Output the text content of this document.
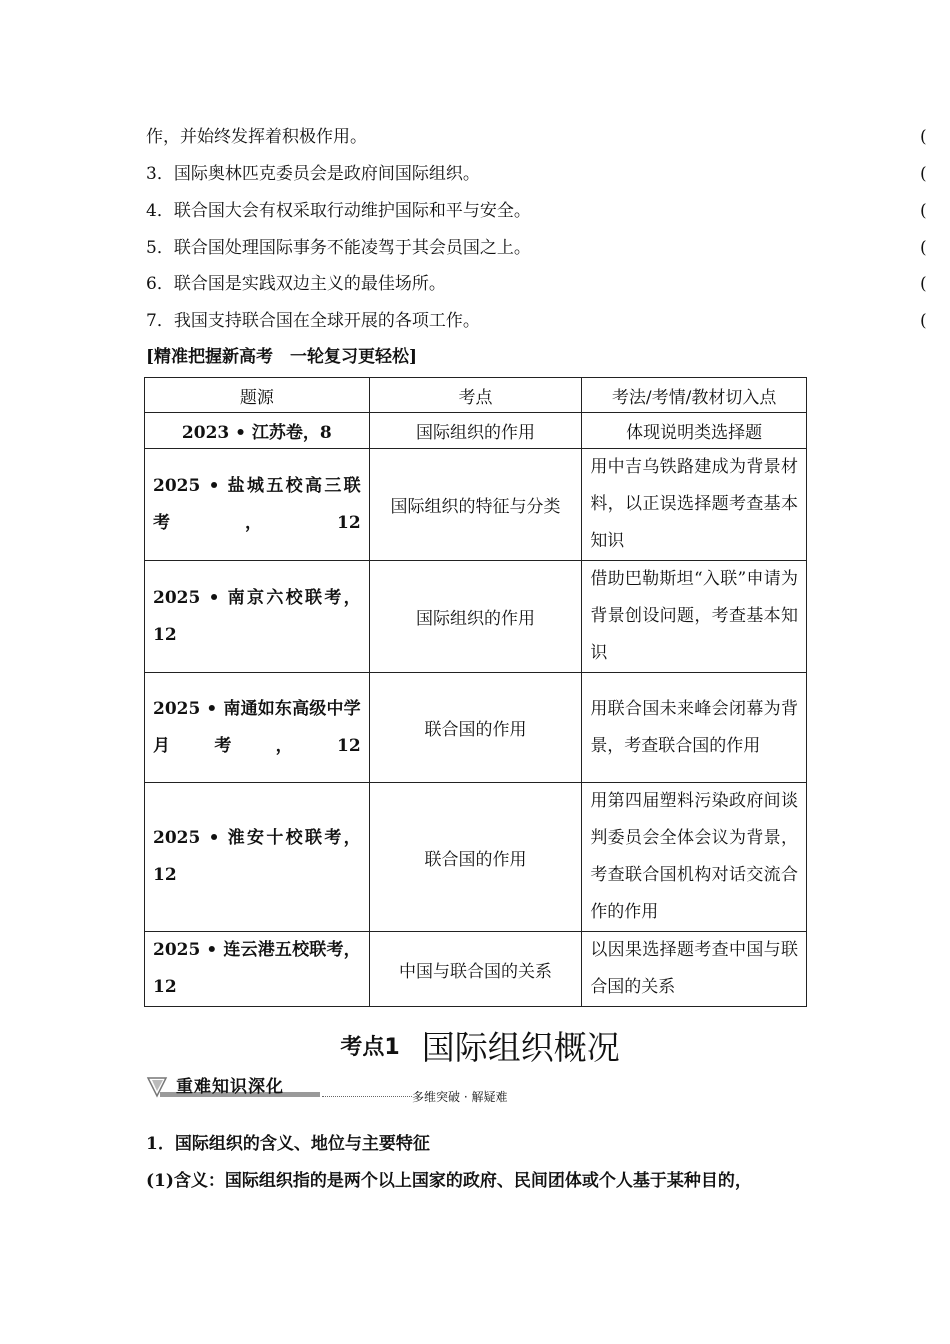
作，并始终发挥着积极作用。	(
3．国际奥林匹克委员会是政府间国际组织。	(
4．联合国大会有权采取行动维护国际和平与安全。	(
5．联合国处理国际事务不能凌驾于其会员国之上。	(
6．联合国是实践双边主义的最佳场所。	(
7．我国支持联合国在全球开展的各项工作。	(
[精准把握新高考　一轮复习更轻松]
题源	考点	考法/考情/教材切入点
2023 • 江苏卷，8	国际组织的作用	体现说明类选择题
2025 • 盐城五校高三联考，12	国际组织的特征与分类	用中吉乌铁路建成为背景材料，以正误选择题考查基本知识
2025 • 南京六校联考，12	国际组织的作用	借助巴勒斯坦“入联”申请为背景创设问题，考查基本知识
2025 • 南通如东高级中学月考，12	联合国的作用	用联合国未来峰会闭幕为背景，考查联合国的作用
2025 • 淮安十校联考，12	联合国的作用	用第四届塑料污染政府间谈判委员会全体会议为背景，考查联合国机构对话交流合作的作用
2025 • 连云港五校联考，12	中国与联合国的关系	以因果选择题考查中国与联合国的关系

考点1 国际组织概况

重难知识深化	多维突破 · 解疑难
1．国际组织的含义、地位与主要特征
(1)含义：国际组织指的是两个以上国家的政府、民间团体或个人基于某种目的，
